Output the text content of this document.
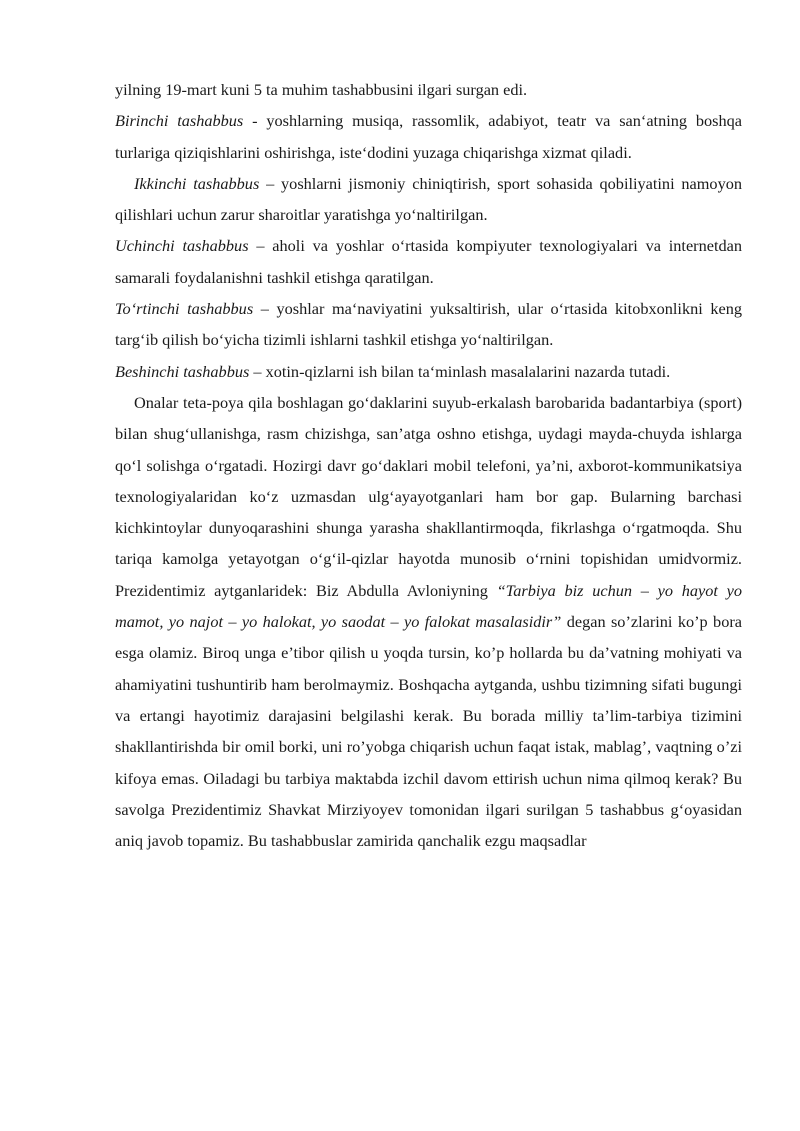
yilning 19-mart kuni 5 ta muhim tashabbusini ilgari surgan edi.

Birinchi tashabbus - yoshlarning musiqa, rassomlik, adabiyot, teatr va san‘atning boshqa turlariga qiziqishlarini oshirishga, iste‘dodini yuzaga chiqarishga xizmat qiladi.

Ikkinchi tashabbus – yoshlarni jismoniy chiniqtirish, sport sohasida qobiliyatini namoyon qilishlari uchun zarur sharoitlar yaratishga yo‘naltirilgan.

Uchinchi tashabbus – aholi va yoshlar o‘rtasida kompiyuter texnologiyalari va internetdan samarali foydalanishni tashkil etishga qaratilgan.

To‘rtinchi tashabbus – yoshlar ma‘naviyatini yuksaltirish, ular o‘rtasida kitobxonlikni keng targ‘ib qilish bo‘yicha tizimli ishlarni tashkil etishga yo‘naltirilgan.

Beshinchi tashabbus – xotin-qizlarni ish bilan ta‘minlash masalalarini nazarda tutadi.

Onalar teta-poya qila boshlagan go‘daklarini suyub-erkalash barobarida badantarbiya (sport) bilan shug‘ullanishga, rasm chizishga, san’atga oshno etishga, uydagi mayda-chuyda ishlarga qo‘l solishga o‘rgatadi. Hozirgi davr go‘daklari mobil telefoni, ya’ni, axborot-kommunikatsiya texnologiyalaridan ko‘z uzmasdan ulg‘ayayotganlari ham bor gap. Bularning barchasi kichkintoylar dunyoqarashini shunga yarasha shakllantirmoqda, fikrlashga o‘rgatmoqda. Shu tariqa kamolga yetayotgan o‘g‘il-qizlar hayotda munosib o‘rnini topishidan umidvormiz. Prezidentimiz aytganlaridek: Biz Abdulla Avloniyning “Tarbiya biz uchun – yo hayot yo mamot, yo najot – yo halokat, yo saodat – yo falokat masalasidir” degan so’zlarini ko’p bora esga olamiz. Biroq unga e’tibor qilish u yoqda tursin, ko’p hollarda bu da’vatning mohiyati va ahamiyatini tushuntirib ham berolmaymiz. Boshqacha aytganda, ushbu tizimning sifati bugungi va ertangi hayotimiz darajasini belgilashi kerak. Bu borada milliy ta’lim-tarbiya tizimini shakllantirishda bir omil borki, uni ro’yobga chiqarish uchun faqat istak, mablag’, vaqtning o’zi kifoya emas. Oiladagi bu tarbiya maktabda izchil davom ettirish uchun nima qilmoq kerak? Bu savolga Prezidentimiz Shavkat Mirziyoyev tomonidan ilgari surilgan 5 tashabbus g‘oyasidan aniq javob topamiz. Bu tashabbuslar zamirida qanchalik ezgu maqsadlar
